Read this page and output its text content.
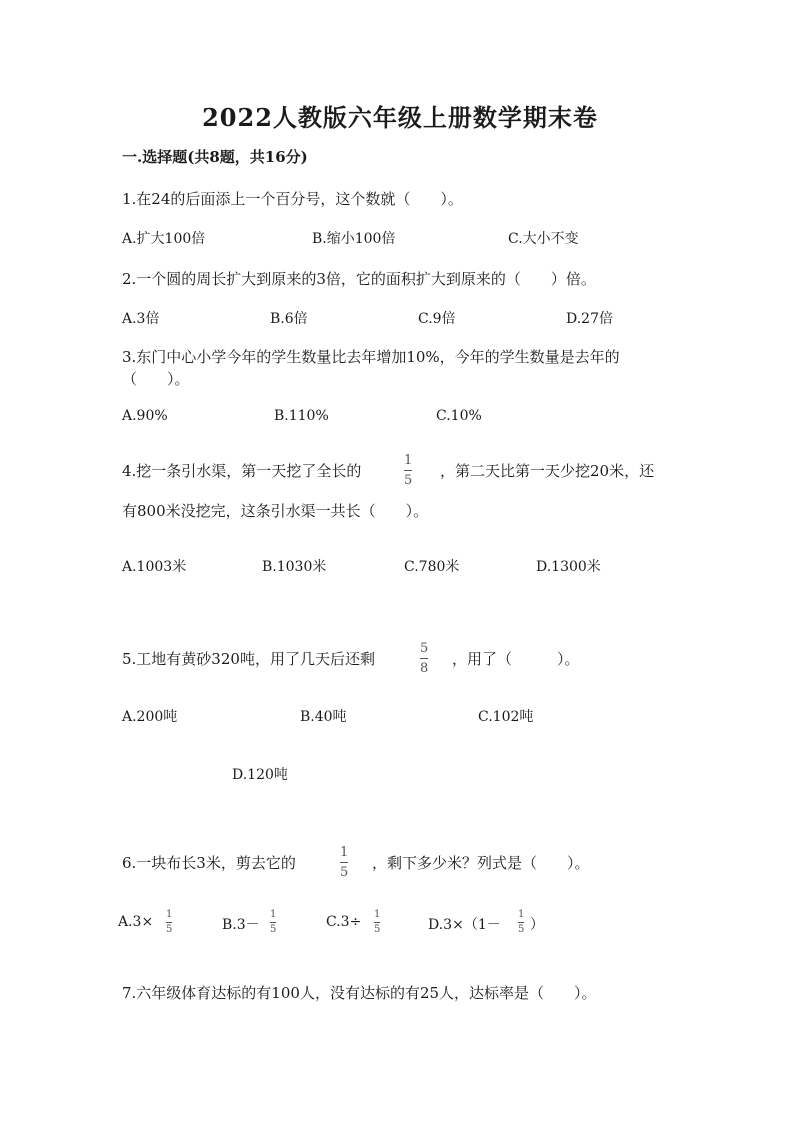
2022人教版六年级上册数学期末卷
一.选择题(共8题，共16分)
1.在24的后面添上一个百分号，这个数就（　　）。
A.扩大100倍	B.缩小100倍	C.大小不变
2.一个圆的周长扩大到原来的3倍，它的面积扩大到原来的（　　）倍。
A.3倍	B.6倍	C.9倍	D.27倍
3.东门中心小学今年的学生数量比去年增加10%，今年的学生数量是去年的
（　　）。
A.90%	B.110%	C.10%
4.挖一条引水渠，第一天挖了全长的
1
5
，第二天比第一天少挖20米，还
有800米没挖完，这条引水渠一共长（　　）。
A.1003米	B.1030米	C.780米	D.1300米
5.工地有黄砂320吨，用了几天后还剩
5
8
，用了（　　　）。
A.200吨	B.40吨	C.102吨
D.120吨
6.一块布长3米，剪去它的
1
5
，剩下多少米？列式是（　　）。
A.3× 1
5	B.3－
1
5	C.3÷ 1
5	D.3×（1－
1
5 ）
7.六年级体育达标的有100人，没有达标的有25人，达标率是（　　）。
